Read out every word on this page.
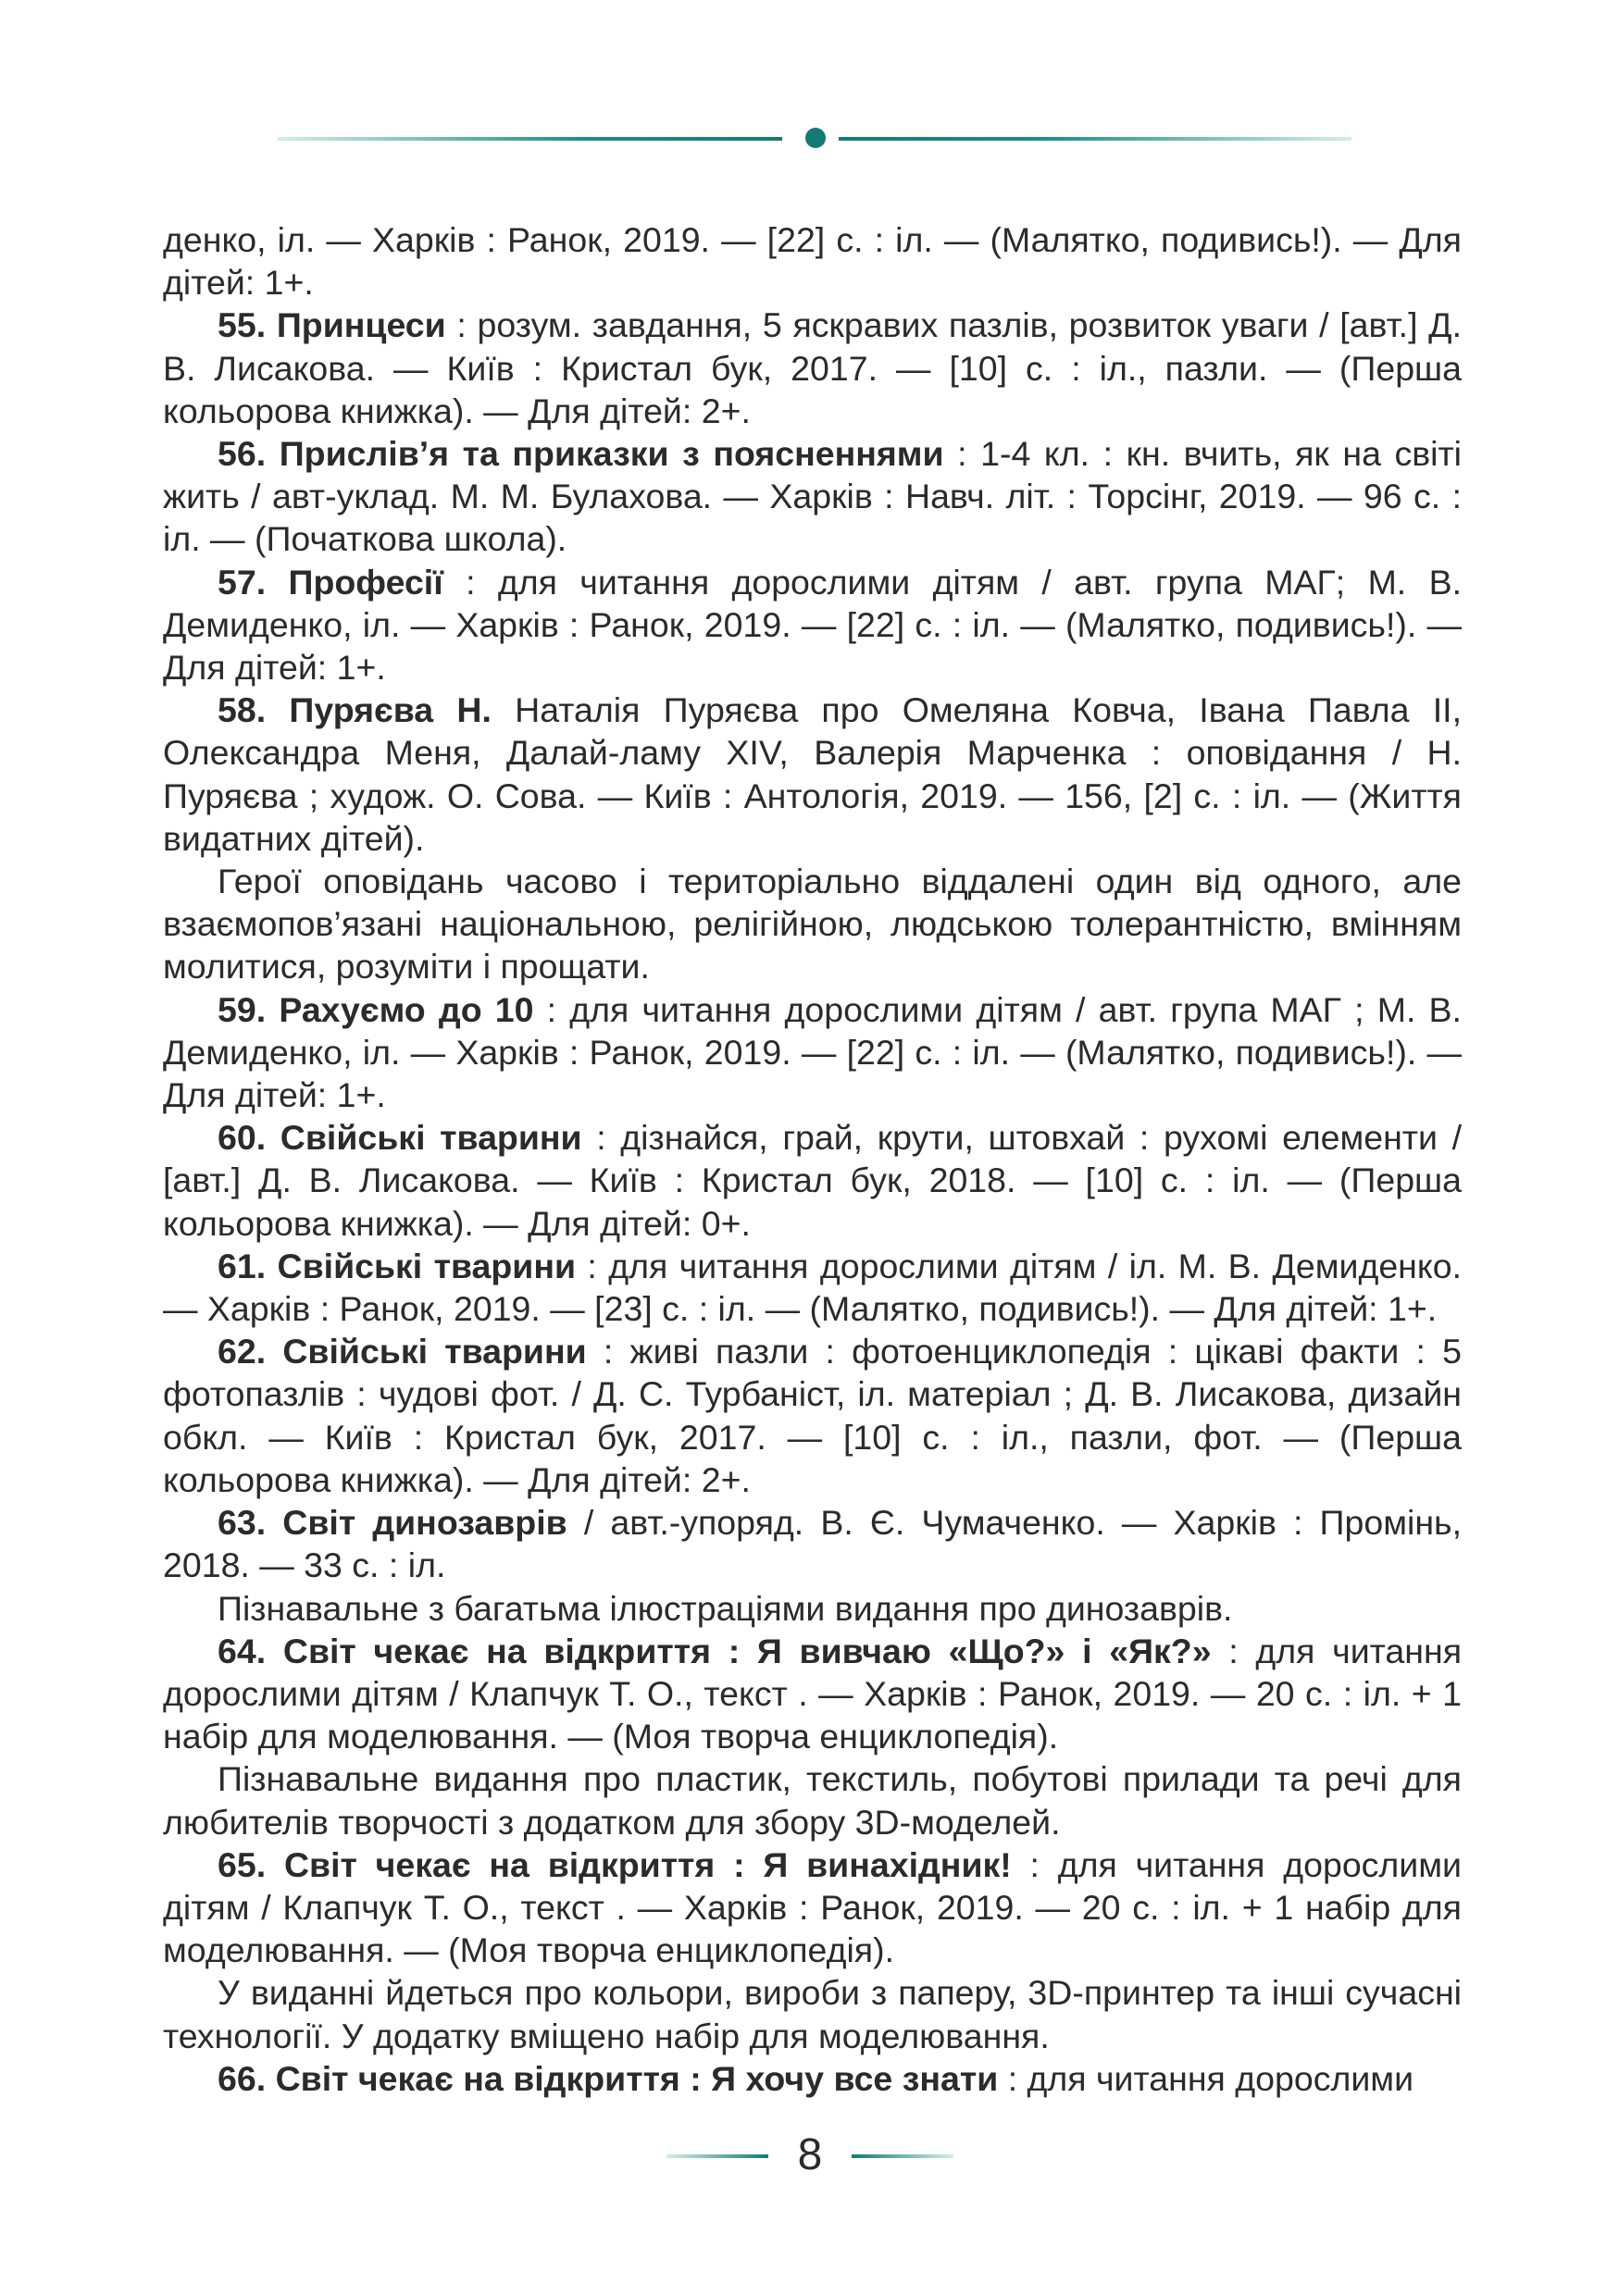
денко, іл. — Харків : Ранок, 2019. — [22] с. : іл. — (Малятко, подивись!). — Для дітей: 1+.

55. Принцеси : розум. завдання, 5 яскравих пазлів, розвиток уваги / [авт.] Д. В. Лисакова. — Київ : Кристал бук, 2017. — [10] с. : іл., пазли. — (Перша кольорова книжка). — Для дітей: 2+.

56. Прислів’я та приказки з поясненнями : 1-4 кл. : кн. вчить, як на світі жить / авт-уклад. М. М. Булахова. — Харків : Навч. літ. : Торсінг, 2019. — 96 с. : іл. — (Початкова школа).

57. Професії : для читання дорослими дітям / авт. група МАГ; М. В. Демиденко, іл. — Харків : Ранок, 2019. — [22] с. : іл. — (Малятко, подивись!). — Для дітей: 1+.

58. Пуряєва Н. Наталія Пуряєва про Омеляна Ковча, Івана Павла II, Олександра Меня, Далай-ламу XIV, Валерія Марченка : оповідання / Н. Пуряєва ; худож. О. Сова. — Київ : Антологія, 2019. — 156, [2] с. : іл. — (Життя видатних дітей).

Герої оповідань часово і територіально віддалені один від одного, але взаємопов’язані національною, релігійною, людською толерантністю, вмінням молитися, розуміти і прощати.

59. Рахуємо до 10 : для читання дорослими дітям / авт. група МАГ ; М. В. Демиденко, іл. — Харків : Ранок, 2019. — [22] с. : іл. — (Малятко, подивись!). — Для дітей: 1+.

60. Свійські тварини : дізнайся, грай, крути, штовхай : рухомі елементи / [авт.] Д. В. Лисакова. — Київ : Кристал бук, 2018. — [10] с. : іл. — (Перша кольорова книжка). — Для дітей: 0+.

61. Свійські тварини : для читання дорослими дітям / іл. М. В. Демиденко. — Харків : Ранок, 2019. — [23] с. : іл. — (Малятко, подивись!). — Для дітей: 1+.

62. Свійські тварини : живі пазли : фотоенциклопедія : цікаві факти : 5 фотопазлів : чудові фот. / Д. С. Турбаніст, іл. матеріал ; Д. В. Лисакова, дизайн обкл. — Київ : Кристал бук, 2017. — [10] с. : іл., пазли, фот. — (Перша кольорова книжка). — Для дітей: 2+.

63. Світ динозаврів / авт.-упоряд. В. Є. Чумаченко. — Харків : Промінь, 2018. — 33 с. : іл.

Пізнавальне з багатьма ілюстраціями видання про динозаврів.

64. Світ чекає на відкриття : Я вивчаю «Що?» і «Як?» : для читання дорослими дітям / Клапчук Т. О., текст . — Харків : Ранок, 2019. — 20 с. : іл. + 1 набір для моделювання. — (Моя творча енциклопедія).

Пізнавальне видання про пластик, текстиль, побутові прилади та речі для любителів творчості з додатком для збору 3D-моделей.

65. Світ чекає на відкриття : Я винахідник! : для читання дорослими дітям / Клапчук Т. О., текст . — Харків : Ранок, 2019. — 20 с. : іл. + 1 набір для моделювання. — (Моя творча енциклопедія).

У виданні йдеться про кольори, вироби з паперу, 3D-принтер та інші сучасні технології. У додатку вміщено набір для моделювання.

66. Світ чекає на відкриття : Я хочу все знати : для читання дорослими

8
